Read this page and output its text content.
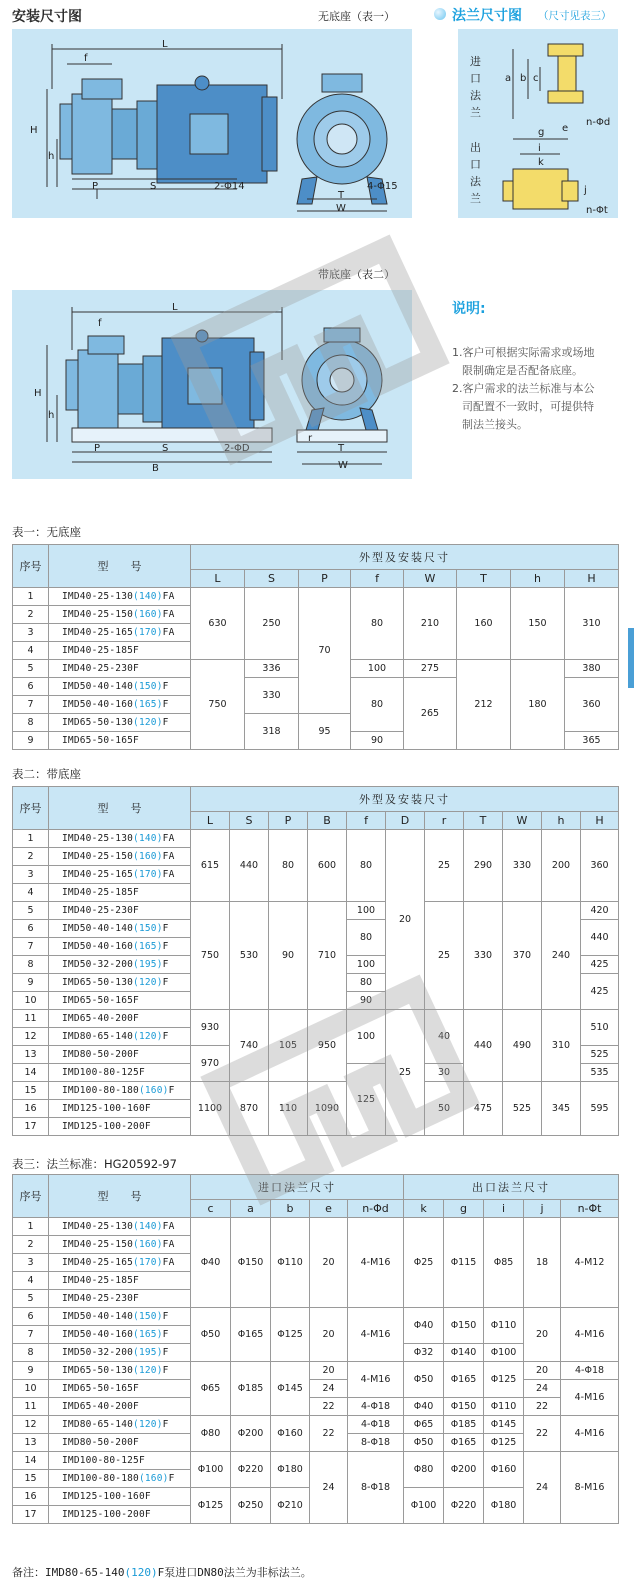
安装尺寸图	无底座（表一）	法兰尺寸图 （尺寸见表三）
L
f
H
h
P	S	2-Φ14	4-Φ15
T
W
进
口
法
兰
出
口
法
兰
a b c
e
n-Φd
g
k
i
j
n-Φt
带底座（表二）
L
f
H
h
P	S
B
2-ΦD
r
T
W
说明:
1.客户可根据实际需求或场地
限制确定是否配备底座。
2.客户需求的法兰标准与本公
司配置不一致时，可提供特
制法兰接头。
表一：无底座
序号	型　　号	外型及安装尺寸							
		L	S	P	f	W	T	h	H
1	IMD40-25-130(140)FA	630	250	70	80	210	160	150	310
2	IMD40-25-150(160)FA								
3	IMD40-25-165(170)FA								
4	IMD40-25-185F								
5	IMD40-25-230F	750	336		100	275	212	180	380
6	IMD50-40-140(150)F		330		80	265			360
7	IMD50-40-160(165)F								
8	IMD65-50-130(120)F		318	95					
9	IMD65-50-165F				90				365
表二：带底座
序号	型　　号	外型及安装尺寸										
		L	S	P	B	f	D	r	T	W	h	H
1	IMD40-25-130(140)FA	615	440	80	600	80	20	25	290	330	200	360
2	IMD40-25-150(160)FA											
3	IMD40-25-165(170)FA											
4	IMD40-25-185F											
5	IMD40-25-230F	750	530	90	710	100		25	330	370	240	420
6	IMD50-40-140(150)F					80						440
7	IMD50-40-160(165)F											
8	IMD50-32-200(195)F					100						425
9	IMD65-50-130(120)F					80						425
10	IMD65-50-165F					90						
11	IMD65-40-200F	930	740	105	950	100	25	40	440	490	310	510
12	IMD80-65-140(120)F											
13	IMD80-50-200F	970										525
14	IMD100-80-125F					125		30				535
15	IMD100-80-180(160)F	1100	870	110	1090			50	475	525	345	595
16	IMD125-100-160F											
17	IMD125-100-200F											
表三：法兰标准：HG20592-97
序号	型　　号	进口法兰尺寸					出口法兰尺寸				
		c	a	b	e	n-Φd	k	g	i	j	n-Φt
1	IMD40-25-130(140)FA	Φ40	Φ150	Φ110	20	4-M16	Φ25	Φ115	Φ85	18	4-M12
2	IMD40-25-150(160)FA										
3	IMD40-25-165(170)FA										
4	IMD40-25-185F										
5	IMD40-25-230F										
6	IMD50-40-140(150)F	Φ50	Φ165	Φ125	20	4-M16	Φ40	Φ150	Φ110	20	4-M16
7	IMD50-40-160(165)F										
8	IMD50-32-200(195)F						Φ32	Φ140	Φ100		
9	IMD65-50-130(120)F	Φ65	Φ185	Φ145	20	4-M16	Φ50	Φ165	Φ125	20	4-Φ18
10	IMD65-50-165F				24					24	4-M16
11	IMD65-40-200F				22	4-Φ18	Φ40	Φ150	Φ110	22	
12	IMD80-65-140(120)F	Φ80	Φ200	Φ160	22	4-Φ18	Φ65	Φ185	Φ145	22	4-M16
13	IMD80-50-200F					8-Φ18	Φ50	Φ165	Φ125		
14	IMD100-80-125F	Φ100	Φ220	Φ180	24	8-Φ18	Φ80	Φ200	Φ160	24	8-M16
15	IMD100-80-180(160)F										
16	IMD125-100-160F	Φ125	Φ250	Φ210			Φ100	Φ220	Φ180		
17	IMD125-100-200F										
备注：IMD80-65-140(120)F泵进口DN80法兰为非标法兰。
